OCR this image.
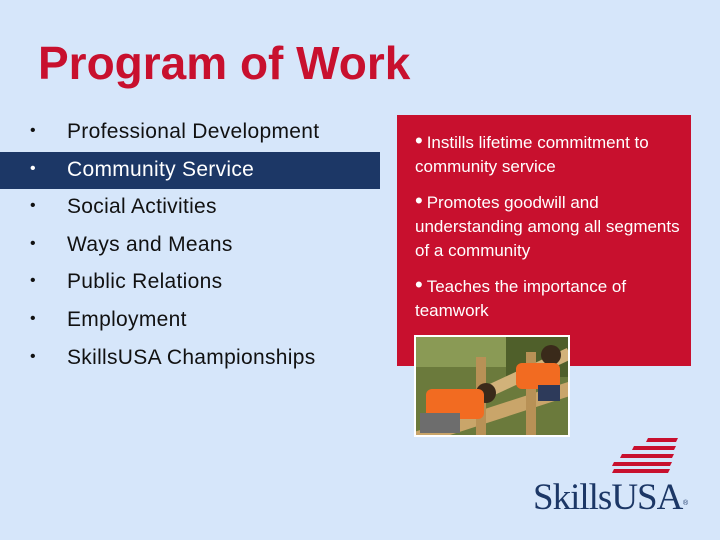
Program of Work
• Professional Development
• Community Service
• Social Activities
• Ways and Means
• Public Relations
• Employment
• SkillsUSA Championships
• Instills lifetime commitment to community service
• Promotes goodwill and understanding among all segments of a community
• Teaches the importance of teamwork
SkillsUSA ®
